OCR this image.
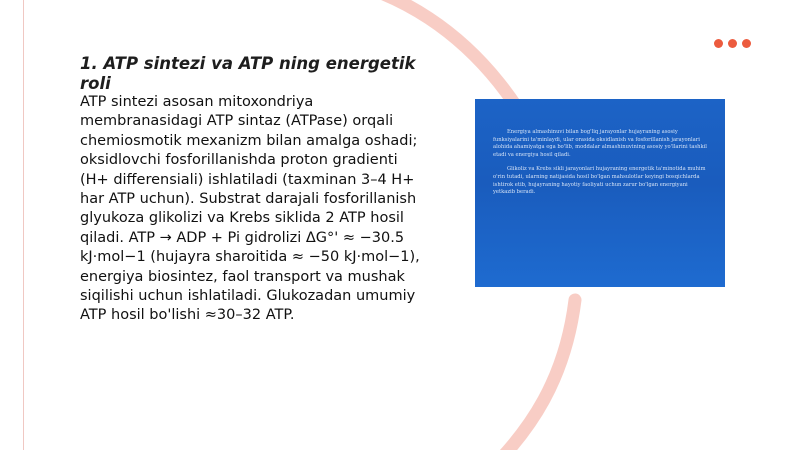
1. ATP sintezi va ATP ning energetik roli

ATP sintezi asosan mitoxondriya membranasidagi ATP sintaz (ATPase) orqali chemiosmotik mexanizm bilan amalga oshadi; oksidlovchi fosforillanishda proton gradienti (H+ differensiali) ishlatiladi (taxminan 3–4 H+ har ATP uchun). Substrat darajali fosforillanish glyukoza glikolizi va Krebs siklida 2 ATP hosil qiladi. ATP → ADP + Pi gidrolizi ΔG°' ≈ −30.5 kJ·mol−1 (hujayra sharoitida ≈ −50 kJ·mol−1), energiya biosintez, faol transport va mushak siqilishi uchun ishlatiladi. Glukozadan umumiy ATP hosil bo'lishi ≈30–32 ATP.

Energiya almashinuvi bilan bog'liq jarayonlar hujayraning asosiy funksiyalarini ta'minlaydi, ular orasida oksidlanish va fosforillanish jarayonlari alohida ahamiyatga ega bo'lib, moddalar almashinuvining asosiy yo'llarini tashkil etadi va energiya hosil qiladi.

Glikoliz va Krebs sikli jarayonlari hujayraning energetik ta'minotida muhim o'rin tutadi, ularning natijasida hosil bo'lgan mahsulotlar keyingi bosqichlarda ishtirok etib, hujayraning hayotiy faoliyati uchun zarur bo'lgan energiyani yetkazib beradi.
